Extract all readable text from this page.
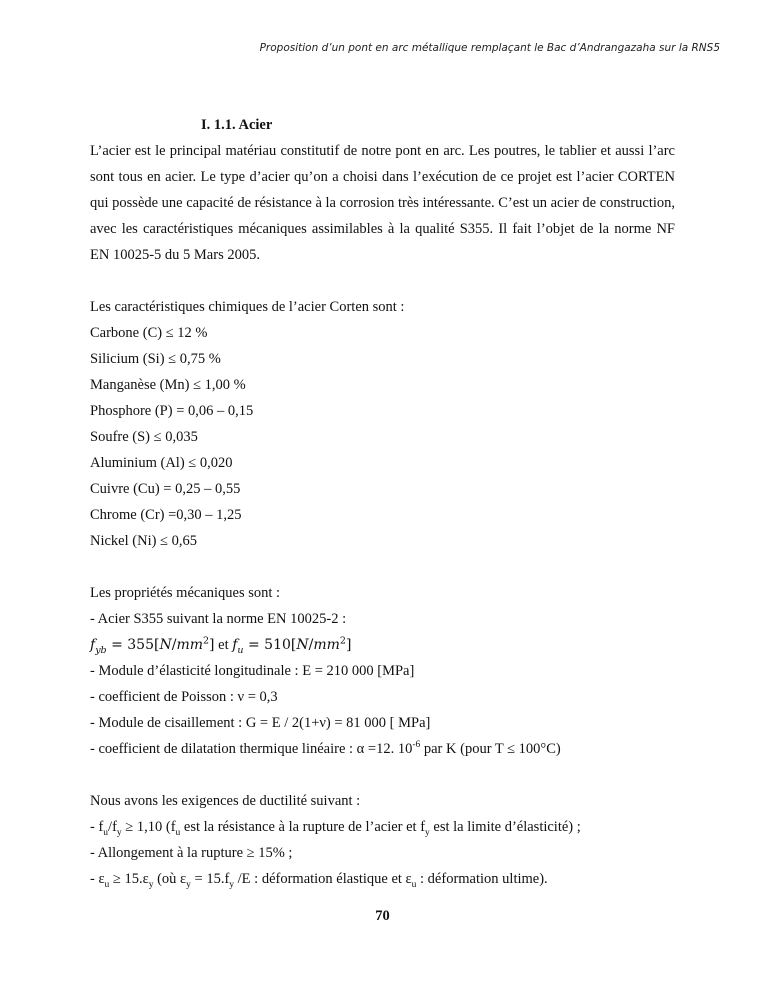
Proposition d’un pont en arc métallique remplaçant le Bac d’Andrangazaha sur la RNS5
I. 1.1. Acier

L’acier est le principal matériau constitutif de notre pont en arc. Les poutres, le tablier et aussi l’arc sont tous en acier. Le type d’acier qu’on a choisi dans l’exécution de ce projet est l’acier CORTEN qui possède une capacité de résistance à la corrosion très intéressante. C’est un acier de construction, avec les caractéristiques mécaniques assimilables à la qualité S355. Il fait l’objet de la norme NF EN 10025-5 du 5 Mars 2005.

Les caractéristiques chimiques de l’acier Corten sont :

Carbone (C) ≤ 12 %

Silicium (Si) ≤ 0,75 %

Manganèse (Mn) ≤ 1,00 %

Phosphore (P) = 0,06 – 0,15

Soufre (S) ≤ 0,035

Aluminium (Al) ≤ 0,020

Cuivre (Cu) = 0,25 – 0,55

Chrome (Cr) =0,30 – 1,25

Nickel (Ni) ≤ 0,65

Les propriétés mécaniques sont :

- Acier S355 suivant la norme EN 10025-2 :

$f_{yb} = 355[N/mm^2]$ et $f_u = 510[N/mm^2]$

- Module d’élasticité longitudinale : E = 210 000 [MPa]

- coefficient de Poisson : ν = 0,3

- Module de cisaillement : G = E / 2(1+ν) = 81 000 [ MPa]

- coefficient de dilatation thermique linéaire : α =12. $10^{-6}$ par K (pour T ≤ 100°C)

Nous avons les exigences de ductilité suivant :

- $f_u/f_y \ge 1,10$ ($f_u$ est la résistance à la rupture de l’acier et $f_y$ est la limite d’élasticité) ;

- Allongement à la rupture ≥ 15% ;

- $\varepsilon_u \ge 15.\varepsilon_y$ (où $\varepsilon_y = 15.f_y$ /E : déformation élastique et $\varepsilon_u$ : déformation ultime).

70
